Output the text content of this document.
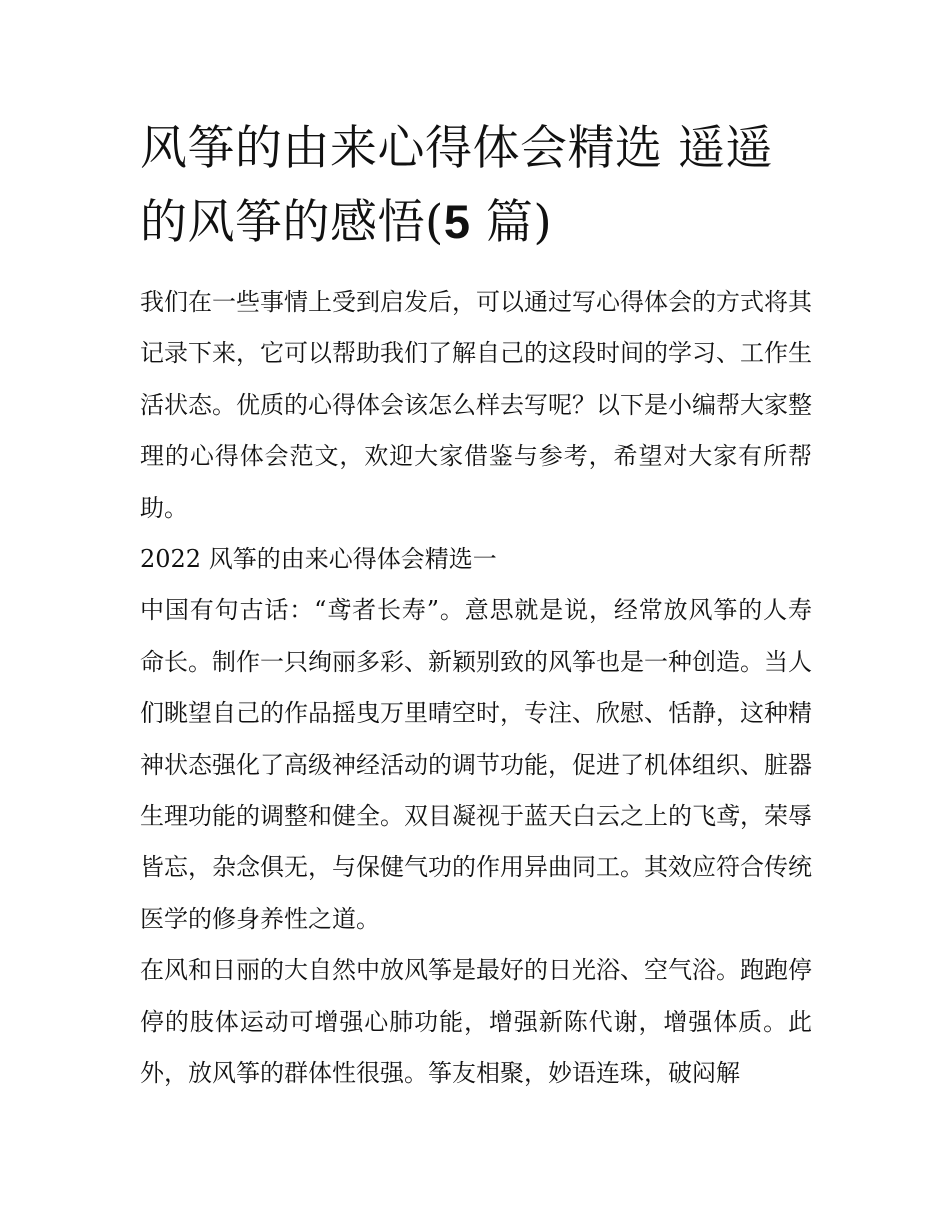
风筝的由来心得体会精选 遥遥的风筝的感悟(5 篇)

我们在一些事情上受到启发后，可以通过写心得体会的方式将其记录下来，它可以帮助我们了解自己的这段时间的学习、工作生活状态。优质的心得体会该怎么样去写呢？以下是小编帮大家整理的心得体会范文，欢迎大家借鉴与参考，希望对大家有所帮助。

2022 风筝的由来心得体会精选一

中国有句古话：“鸢者长寿”。意思就是说，经常放风筝的人寿命长。制作一只绚丽多彩、新颖别致的风筝也是一种创造。当人们眺望自己的作品摇曳万里晴空时，专注、欣慰、恬静，这种精神状态强化了高级神经活动的调节功能，促进了机体组织、脏器生理功能的调整和健全。双目凝视于蓝天白云之上的飞鸢，荣辱皆忘，杂念俱无，与保健气功的作用异曲同工。其效应符合传统医学的修身养性之道。

在风和日丽的大自然中放风筝是最好的日光浴、空气浴。跑跑停停的肢体运动可增强心肺功能，增强新陈代谢，增强体质。此外，放风筝的群体性很强。筝友相聚，妙语连珠，破闷解
